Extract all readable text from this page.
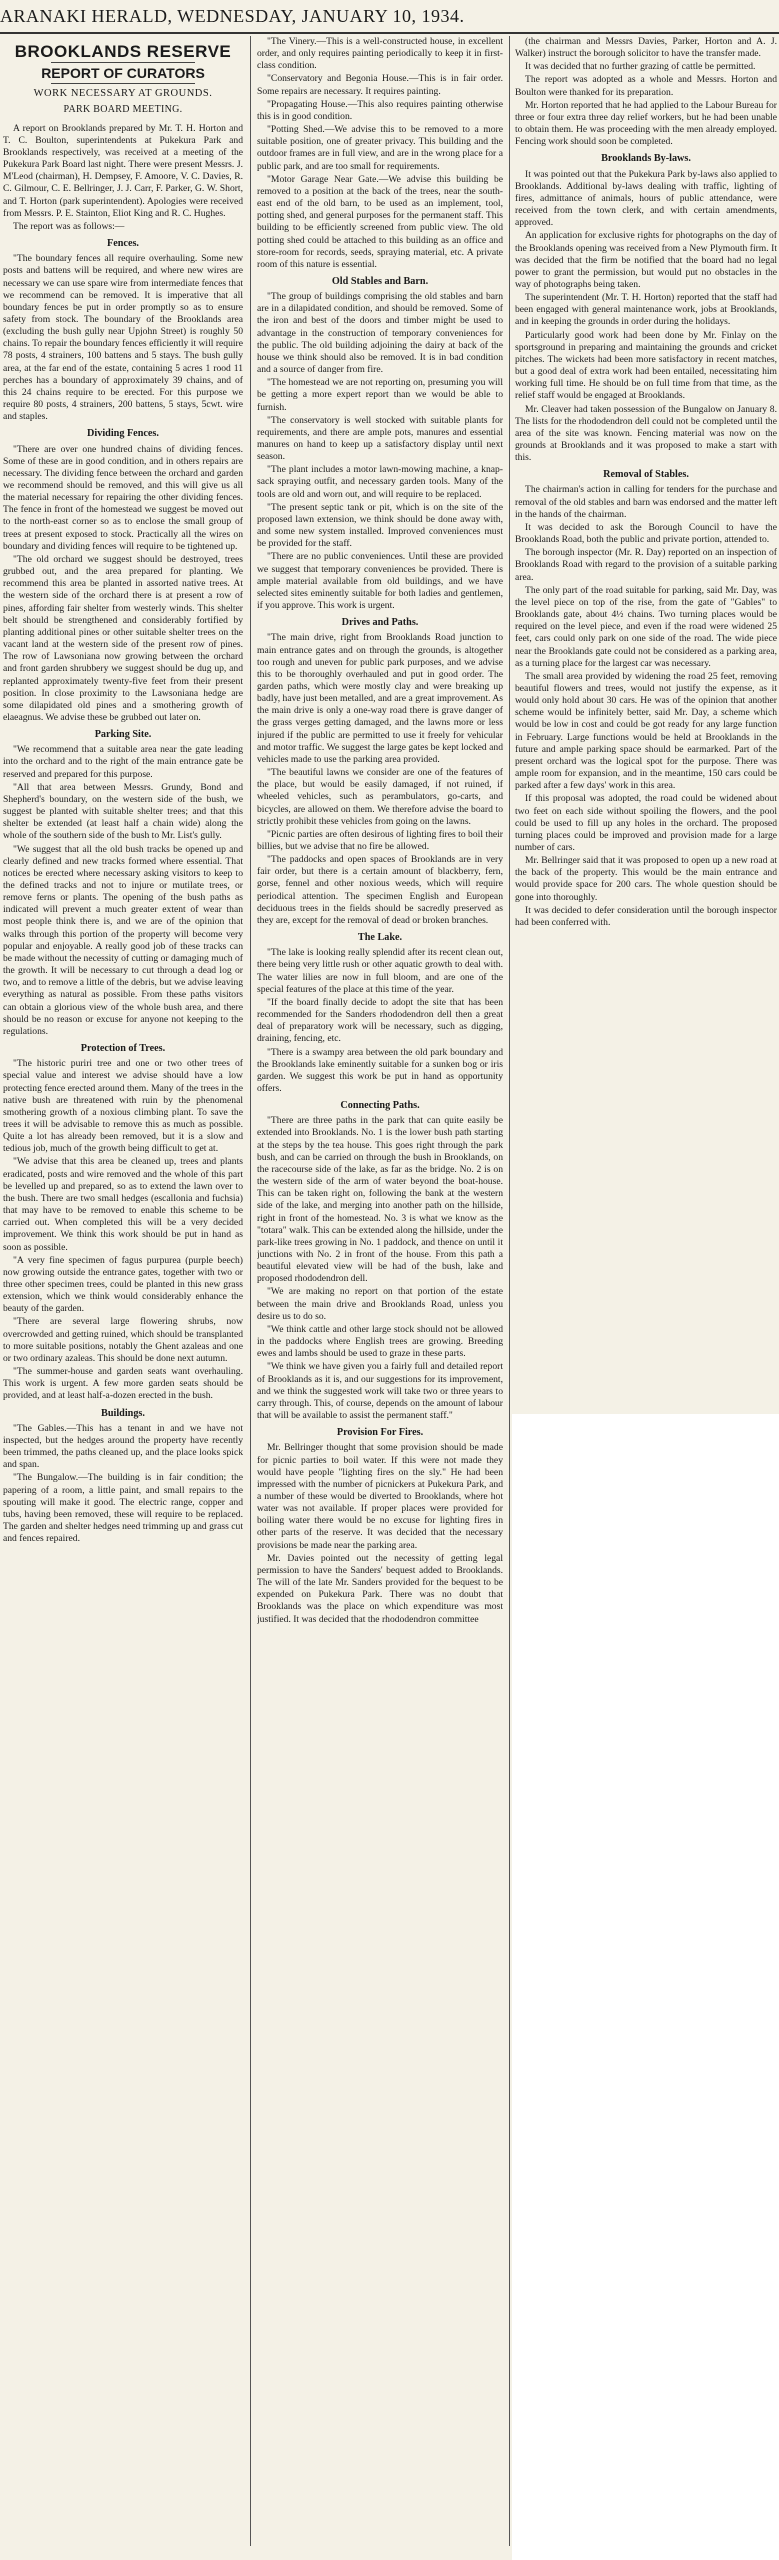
ARANAKI HERALD, WEDNESDAY, JANUARY 10, 1934.
BROOKLANDS RESERVE
REPORT OF CURATORS
WORK NECESSARY AT GROUNDS.
PARK BOARD MEETING.

A report on Brooklands prepared by Mr. T. H. Horton and T. C. Boulton, superintendents at Pukekura Park and Brooklands respectively, was received at a meeting of the Pukekura Park Board last night. There were present Messrs. J. M'Leod (chairman), H. Dempsey, F. Amoore, V. C. Davies, R. C. Gilmour, C. E. Bellringer, J. J. Carr, F. Parker, G. W. Short, and T. Horton (park superintendent). Apologies were received from Messrs. P. E. Stainton, Eliot King and R. C. Hughes.

The report was as follows:—

Fences.

"The boundary fences all require overhauling. Some new posts and battens will be required, and where new wires are necessary we can use spare wire from intermediate fences that we recommend can be removed. It is imperative that all boundary fences be put in order promptly so as to ensure safety from stock. The boundary of the Brooklands area (excluding the bush gully near Upjohn Street) is roughly 50 chains. To repair the boundary fences efficiently it will require 78 posts, 4 strainers, 100 battens and 5 stays. The bush gully area, at the far end of the estate, containing 5 acres 1 rood 11 perches has a boundary of approximately 39 chains, and of this 24 chains require to be erected. For this purpose we require 80 posts, 4 strainers, 200 battens, 5 stays, 5cwt. wire and staples.

Dividing Fences.

"There are over one hundred chains of dividing fences. Some of these are in good condition, and in others repairs are necessary. The dividing fence between the orchard and garden we recommend should be removed, and this will give us all the material necessary for repairing the other dividing fences. The fence in front of the homestead we suggest be moved out to the north-east corner so as to enclose the small group of trees at present exposed to stock. Practically all the wires on boundary and dividing fences will require to be tightened up.

"The old orchard we suggest should be destroyed, trees grubbed out, and the area prepared for planting. We recommend this area be planted in assorted native trees. At the western side of the orchard there is at present a row of pines, affording fair shelter from westerly winds. This shelter belt should be strengthened and considerably fortified by planting additional pines or other suitable shelter trees on the vacant land at the western side of the present row of pines. The row of Lawsoniana now growing between the orchard and front garden shrubbery we suggest should be dug up, and replanted approximately twenty-five feet from their present position. In close proximity to the Lawsoniana hedge are some dilapidated old pines and a smothering growth of elaeagnus. We advise these be grubbed out later on.

Parking Site.

"We recommend that a suitable area near the gate leading into the orchard and to the right of the main entrance gate be reserved and prepared for this purpose.

"All that area between Messrs. Grundy, Bond and Shepherd's boundary, on the western side of the bush, we suggest be planted with suitable shelter trees; and that this shelter be extended (at least half a chain wide) along the whole of the southern side of the bush to Mr. List's gully.

"We suggest that all the old bush tracks be opened up and clearly defined and new tracks formed where essential. That notices be erected where necessary asking visitors to keep to the defined tracks and not to injure or mutilate trees, or remove ferns or plants. The opening of the bush paths as indicated will prevent a much greater extent of wear than most people think there is, and we are of the opinion that walks through this portion of the property will become very popular and enjoyable. A really good job of these tracks can be made without the necessity of cutting or damaging much of the growth. It will be necessary to cut through a dead log or two, and to remove a little of the debris, but we advise leaving everything as natural as possible. From these paths visitors can obtain a glorious view of the whole bush area, and there should be no reason or excuse for anyone not keeping to the regulations.

Protection of Trees.

"The historic puriri tree and one or two other trees of special value and interest we advise should have a low protecting fence erected around them. Many of the trees in the native bush are threatened with ruin by the phenomenal smothering growth of a noxious climbing plant. To save the trees it will be advisable to remove this as much as possible. Quite a lot has already been removed, but it is a slow and tedious job, much of the growth being difficult to get at.

"We advise that this area be cleaned up, trees and plants eradicated, posts and wire removed and the whole of this part be levelled up and prepared, so as to extend the lawn over to the bush. There are two small hedges (escallonia and fuchsia) that may have to be removed to enable this scheme to be carried out. When completed this will be a very decided improvement. We think this work should be put in hand as soon as possible.

"A very fine specimen of fagus purpurea (purple beech) now growing outside the entrance gates, together with two or three other specimen trees, could be planted in this new grass extension, which we think would considerably enhance the beauty of the garden.

"There are several large flowering shrubs, now overcrowded and getting ruined, which should be transplanted to more suitable positions, notably the Ghent azaleas and one or two ordinary azaleas. This should be done next autumn.

"The summer-house and garden seats want overhauling. This work is urgent. A few more garden seats should be provided, and at least half-a-dozen erected in the bush.

Buildings.

"The Gables.—This has a tenant in and we have not inspected, but the hedges around the property have recently been trimmed, the paths cleaned up, and the place looks spick and span.

"The Bungalow.—The building is in fair condition; the papering of a room, a little paint, and small repairs to the spouting will make it good. The electric range, copper and tubs, having been removed, these will require to be replaced. The garden and shelter hedges need trimming up and grass cut and fences repaired.

"The Vinery.—This is a well-constructed house, in excellent order, and only requires painting periodically to keep it in first-class condition.

"Conservatory and Begonia House.—This is in fair order. Some repairs are necessary. It requires painting.

"Propagating House.—This also requires painting otherwise this is in good condition.

"Potting Shed.—We advise this to be removed to a more suitable position, one of greater privacy. This building and the outdoor frames are in full view, and are in the wrong place for a public park, and are too small for requirements.

"Motor Garage Near Gate.—We advise this building be removed to a position at the back of the trees, near the south-east end of the old barn, to be used as an implement, tool, potting shed, and general purposes for the permanent staff. This building to be efficiently screened from public view. The old potting shed could be attached to this building as an office and store-room for records, seeds, spraying material, etc. A private room of this nature is essential.

Old Stables and Barn.

"The group of buildings comprising the old stables and barn are in a dilapidated condition, and should be removed. Some of the iron and best of the doors and timber might be used to advantage in the construction of temporary conveniences for the public. The old building adjoining the dairy at back of the house we think should also be removed. It is in bad condition and a source of danger from fire.

"The homestead we are not reporting on, presuming you will be getting a more expert report than we would be able to furnish.

"The conservatory is well stocked with suitable plants for requirements, and there are ample pots, manures and essential manures on hand to keep up a satisfactory display until next season.

"The plant includes a motor lawn-mowing machine, a knap-sack spraying outfit, and necessary garden tools. Many of the tools are old and worn out, and will require to be replaced.

"The present septic tank or pit, which is on the site of the proposed lawn extension, we think should be done away with, and some new system installed. Improved conveniences must be provided for the staff.

"There are no public conveniences. Until these are provided we suggest that temporary conveniences be provided. There is ample material available from old buildings, and we have selected sites eminently suitable for both ladies and gentlemen, if you approve. This work is urgent.

Drives and Paths.

"The main drive, right from Brooklands Road junction to main entrance gates and on through the grounds, is altogether too rough and uneven for public park purposes, and we advise this to be thoroughly overhauled and put in good order. The garden paths, which were mostly clay and were breaking up badly, have just been metalled, and are a great improvement. As the main drive is only a one-way road there is grave danger of the grass verges getting damaged, and the lawns more or less injured if the public are permitted to use it freely for vehicular and motor traffic. We suggest the large gates be kept locked and vehicles made to use the parking area provided.

"The beautiful lawns we consider are one of the features of the place, but would be easily damaged, if not ruined, if wheeled vehicles, such as perambulators, go-carts, and bicycles, are allowed on them. We therefore advise the board to strictly prohibit these vehicles from going on the lawns.

"Picnic parties are often desirous of lighting fires to boil their billies, but we advise that no fire be allowed.

"The paddocks and open spaces of Brooklands are in very fair order, but there is a certain amount of blackberry, fern, gorse, fennel and other noxious weeds, which will require periodical attention. The specimen English and European deciduous trees in the fields should be sacredly preserved as they are, except for the removal of dead or broken branches.

The Lake.

"The lake is looking really splendid after its recent clean out, there being very little rush or other aquatic growth to deal with. The water lilies are now in full bloom, and are one of the special features of the place at this time of the year.

"If the board finally decide to adopt the site that has been recommended for the Sanders rhododendron dell then a great deal of preparatory work will be necessary, such as digging, draining, fencing, etc.

"There is a swampy area between the old park boundary and the Brooklands lake eminently suitable for a sunken bog or iris garden. We suggest this work be put in hand as opportunity offers.

Connecting Paths.

"There are three paths in the park that can quite easily be extended into Brooklands. No. 1 is the lower bush path starting at the steps by the tea house. This goes right through the park bush, and can be carried on through the bush in Brooklands, on the racecourse side of the lake, as far as the bridge. No. 2 is on the western side of the arm of water beyond the boat-house. This can be taken right on, following the bank at the western side of the lake, and merging into another path on the hillside, right in front of the homestead. No. 3 is what we know as the "totara" walk. This can be extended along the hillside, under the park-like trees growing in No. 1 paddock, and thence on until it junctions with No. 2 in front of the house. From this path a beautiful elevated view will be had of the bush, lake and proposed rhododendron dell.

"We are making no report on that portion of the estate between the main drive and Brooklands Road, unless you desire us to do so.

"We think cattle and other large stock should not be allowed in the paddocks where English trees are growing. Breeding ewes and lambs should be used to graze in these parts.

"We think we have given you a fairly full and detailed report of Brooklands as it is, and our suggestions for its improvement, and we think the suggested work will take two or three years to carry through. This, of course, depends on the amount of labour that will be available to assist the permanent staff."

Provision For Fires.

Mr. Bellringer thought that some provision should be made for picnic parties to boil water. If this were not made they would have people "lighting fires on the sly." He had been impressed with the number of picnickers at Pukekura Park, and a number of these would be diverted to Brooklands, where hot water was not available. If proper places were provided for boiling water there would be no excuse for lighting fires in other parts of the reserve. It was decided that the necessary provisions be made near the parking area.

Mr. Davies pointed out the necessity of getting legal permission to have the Sanders' bequest added to Brooklands. The will of the late Mr. Sanders provided for the bequest to be expended on Pukekura Park. There was no doubt that Brooklands was the place on which expenditure was most justified. It was decided that the rhododendron committee

(the chairman and Messrs Davies, Parker, Horton and A. J. Walker) instruct the borough solicitor to have the transfer made.

It was decided that no further grazing of cattle be permitted.

The report was adopted as a whole and Messrs. Horton and Boulton were thanked for its preparation.

Mr. Horton reported that he had applied to the Labour Bureau for three or four extra three day relief workers, but he had been unable to obtain them. He was proceeding with the men already employed. Fencing work should soon be completed.

Brooklands By-laws.

It was pointed out that the Pukekura Park by-laws also applied to Brooklands. Additional by-laws dealing with traffic, lighting of fires, admittance of animals, hours of public attendance, were received from the town clerk, and with certain amendments, approved.

An application for exclusive rights for photographs on the day of the Brooklands opening was received from a New Plymouth firm. It was decided that the firm be notified that the board had no legal power to grant the permission, but would put no obstacles in the way of photographs being taken.

The superintendent (Mr. T. H. Horton) reported that the staff had been engaged with general maintenance work, jobs at Brooklands, and in keeping the grounds in order during the holidays.

Particularly good work had been done by Mr. Finlay on the sportsground in preparing and maintaining the grounds and cricket pitches. The wickets had been more satisfactory in recent matches, but a good deal of extra work had been entailed, necessitating him working full time. He should be on full time from that time, as the relief staff would be engaged at Brooklands.

Mr. Cleaver had taken possession of the Bungalow on January 8. The lists for the rhododendron dell could not be completed until the area of the site was known. Fencing material was now on the grounds at Brooklands and it was proposed to make a start with this.

Removal of Stables.

The chairman's action in calling for tenders for the purchase and removal of the old stables and barn was endorsed and the matter left in the hands of the chairman.

It was decided to ask the Borough Council to have the Brooklands Road, both the public and private portion, attended to.

The borough inspector (Mr. R. Day) reported on an inspection of Brooklands Road with regard to the provision of a suitable parking area.

The only part of the road suitable for parking, said Mr. Day, was the level piece on top of the rise, from the gate of "Gables" to Brooklands gate, about 4½ chains. Two turning places would be required on the level piece, and even if the road were widened 25 feet, cars could only park on one side of the road. The wide piece near the Brooklands gate could not be considered as a parking area, as a turning place for the largest car was necessary.

The small area provided by widening the road 25 feet, removing beautiful flowers and trees, would not justify the expense, as it would only hold about 30 cars. He was of the opinion that another scheme would be infinitely better, said Mr. Day, a scheme which would be low in cost and could be got ready for any large function in February. Large functions would be held at Brooklands in the future and ample parking space should be earmarked. Part of the present orchard was the logical spot for the purpose. There was ample room for expansion, and in the meantime, 150 cars could be parked after a few days' work in this area.

If this proposal was adopted, the road could be widened about two feet on each side without spoiling the flowers, and the pool could be used to fill up any holes in the orchard. The proposed turning places could be improved and provision made for a large number of cars.

Mr. Bellringer said that it was proposed to open up a new road at the back of the property. This would be the main entrance and would provide space for 200 cars. The whole question should be gone into thoroughly.

It was decided to defer consideration until the borough inspector had been conferred with.
